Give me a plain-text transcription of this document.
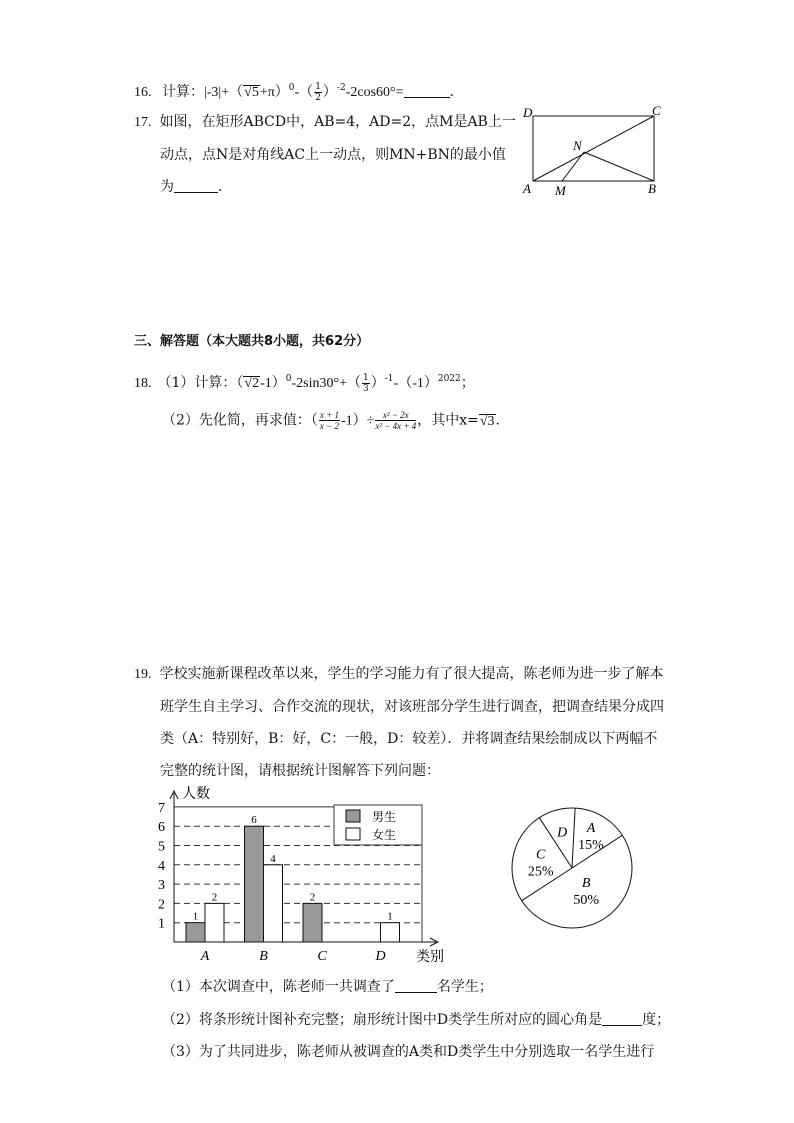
16. 计算：$|-3|+(√5+\pi)^0-( \frac{1}{2} )^{-2}-2\cos 60^\circ=$	.
17. 如图，在矩形ABCD中，AB=4，AD=2，点M是AB上一
动点，点N是对角线AC上一动点，则MN+BN的最小值
为	.
D	C
A	B
M
N
三、解答题（本大题共8小题，共62分）
18. （1）计算：$(√2-1)^0-2\sin 30^\circ+( \frac{1}{3} )^{-1}-(-1)^{2022}$；
（2）先化简，再求值：（ $\frac{x + 1}{x - 2} -1)\div \frac{\text{x² − 2x}}{\text{x² − 4x + 4}}$ ，其中x=√3.
19. 学校实施新课程改革以来，学生的学习能力有了很大提高，陈老师为进一步了解本
班学生自主学习、合作交流的现状，对该班部分学生进行调查，把调查结果分成四
类（A：特别好，B：好，C：一般，D：较差）．并将调查结果绘制成以下两幅不
完整的统计图，请根据统计图解答下列问题：
1
2
3
4
5
6
7
人数
类别
1
2
A
6
4
B
2
C
1
D
男生
女生	A
15%
B
50%
C
25%
D
（1）本次调查中，陈老师一共调查了	名学生；
（2）将条形统计图补充完整；扇形统计图中D类学生所对应的圆心角是	度；
（3）为了共同进步，陈老师从被调查的A类和D类学生中分别选取一名学生进行
